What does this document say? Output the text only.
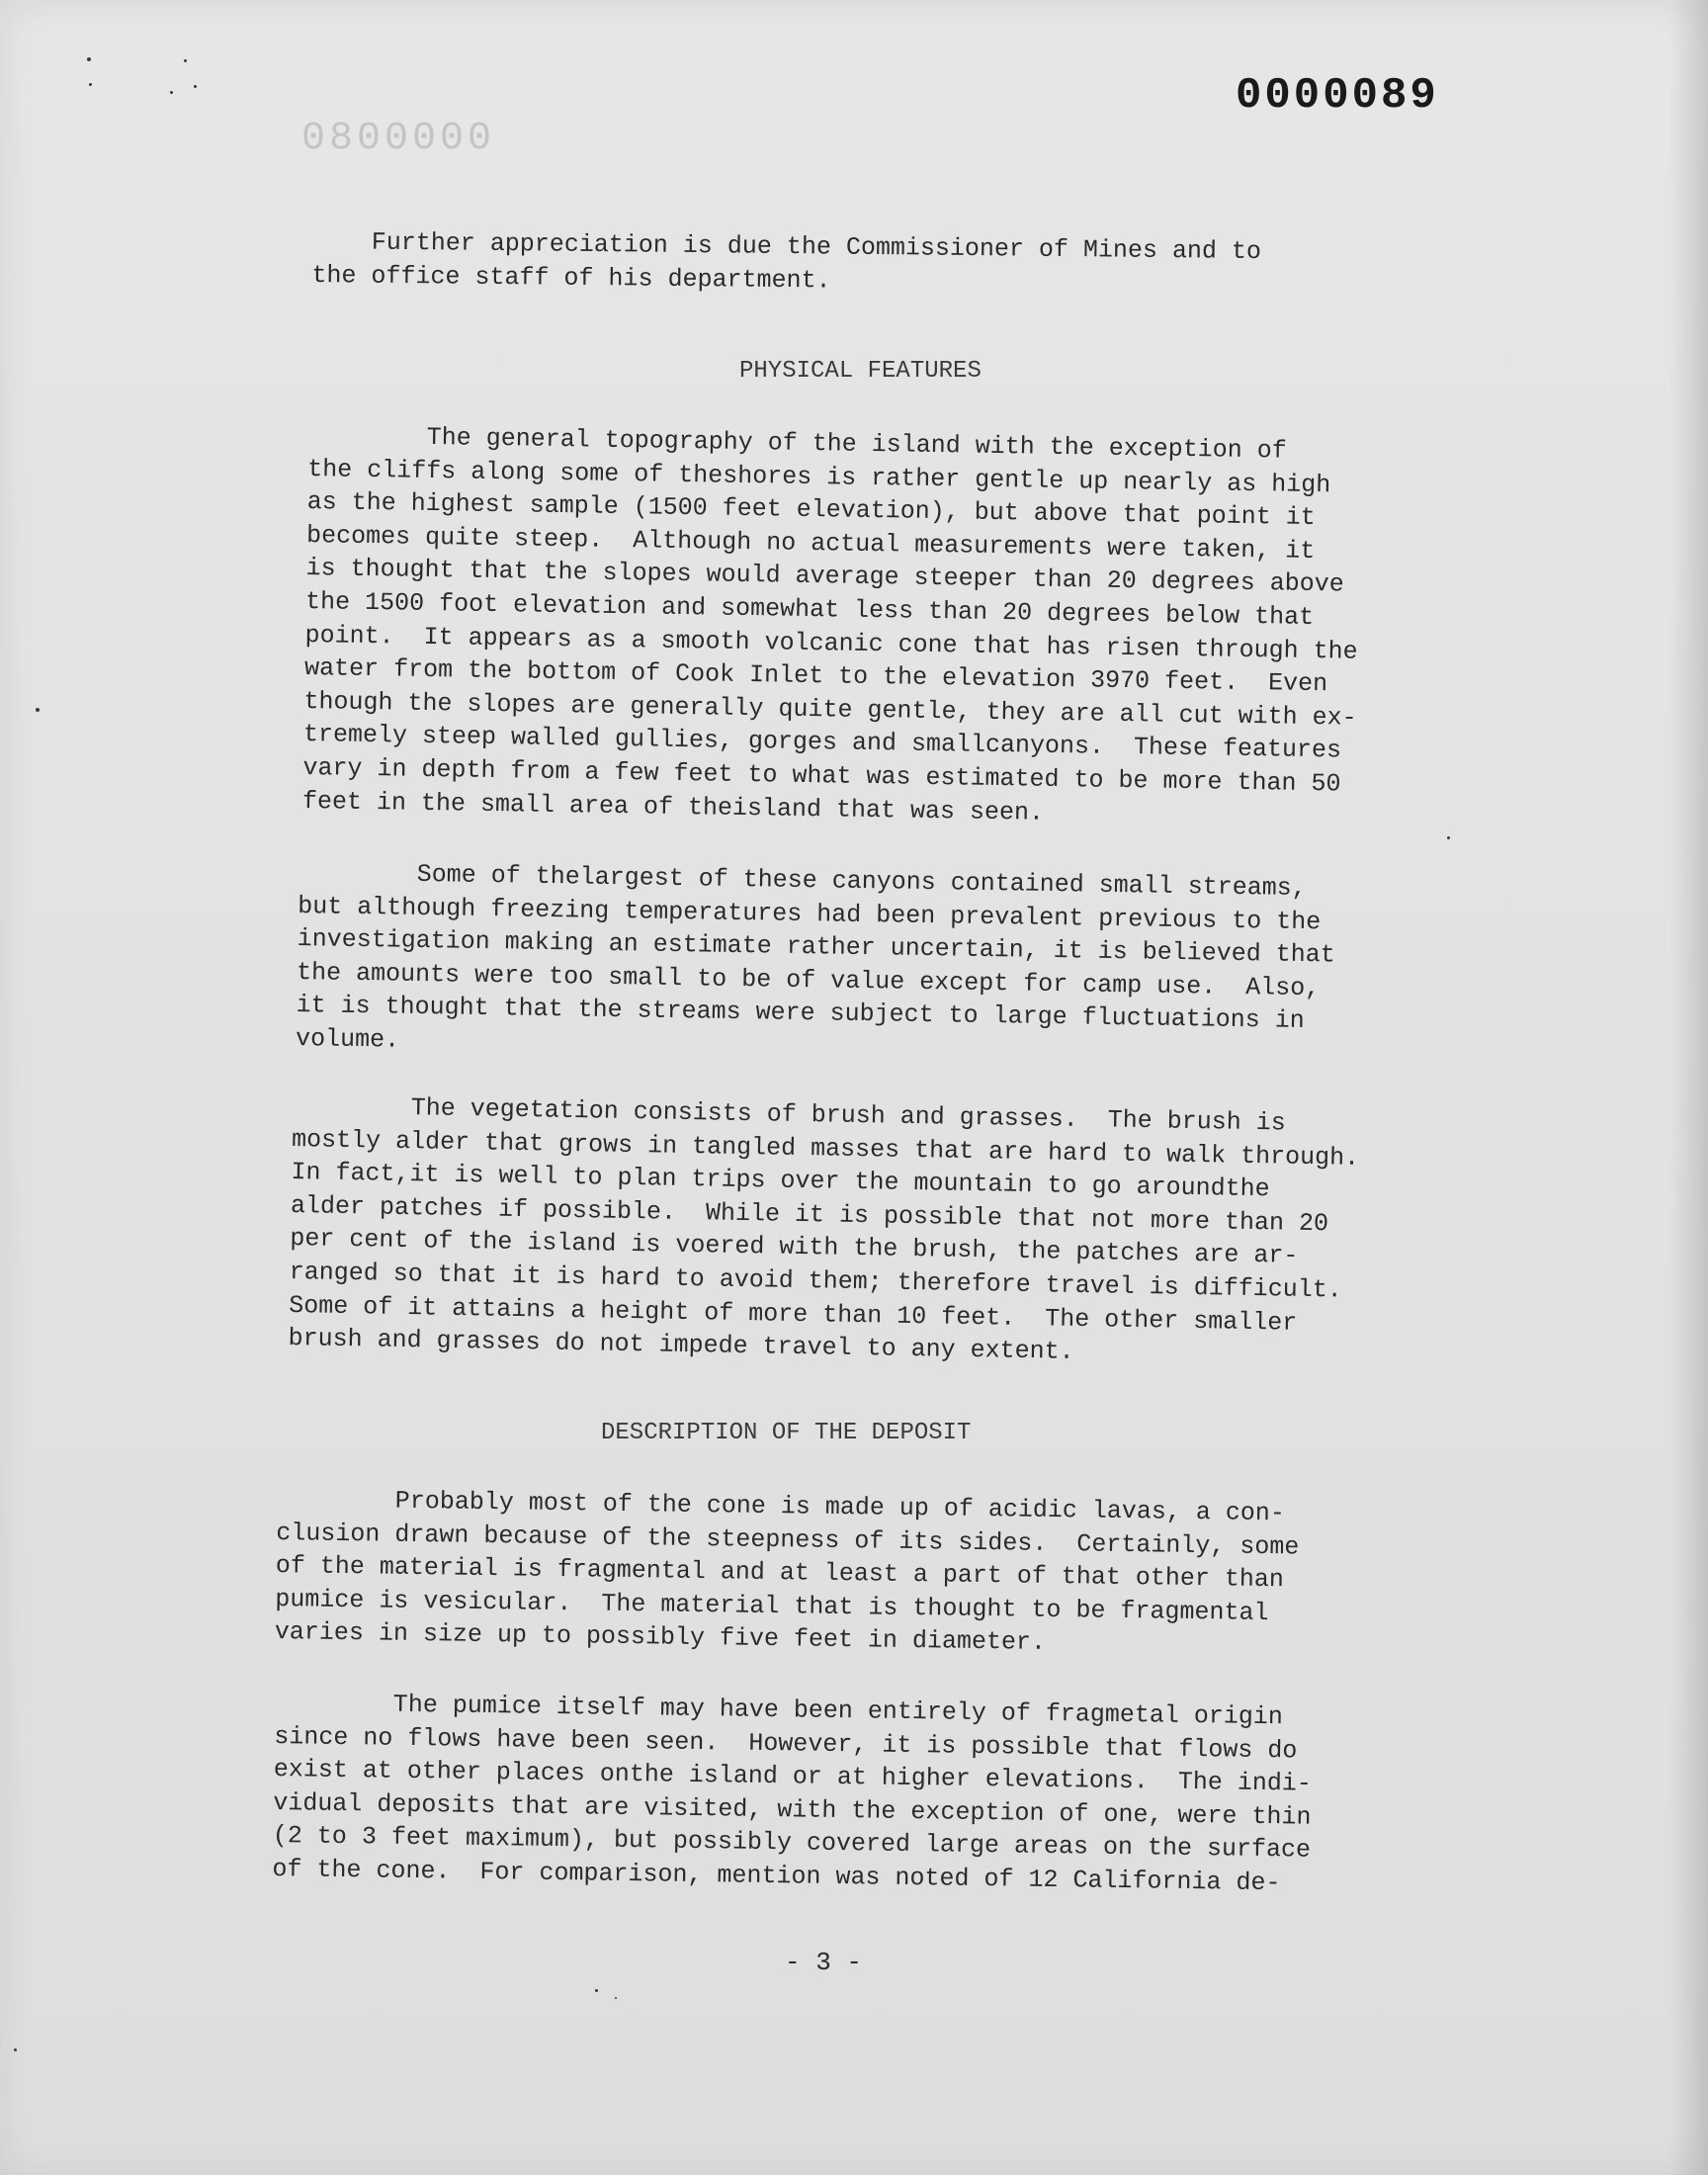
0000089
0800000
Further appreciation is due the Commissioner of Mines and to
the office staff of his department.
PHYSICAL FEATURES
The general topography of the island with the exception of
the cliffs along some of theshores is rather gentle up nearly as high
as the highest sample (1500 feet elevation), but above that point it
becomes quite steep.  Although no actual measurements were taken, it
is thought that the slopes would average steeper than 20 degrees above
the 1500 foot elevation and somewhat less than 20 degrees below that
point.  It appears as a smooth volcanic cone that has risen through the
water from the bottom of Cook Inlet to the elevation 3970 feet.  Even
though the slopes are generally quite gentle, they are all cut with ex-
tremely steep walled gullies, gorges and smallcanyons.  These features
vary in depth from a few feet to what was estimated to be more than 50
feet in the small area of theisland that was seen.
Some of thelargest of these canyons contained small streams,
but although freezing temperatures had been prevalent previous to the
investigation making an estimate rather uncertain, it is believed that
the amounts were too small to be of value except for camp use.  Also,
it is thought that the streams were subject to large fluctuations in
volume.
The vegetation consists of brush and grasses.  The brush is
mostly alder that grows in tangled masses that are hard to walk through.
In fact,it is well to plan trips over the mountain to go aroundthe
alder patches if possible.  While it is possible that not more than 20
per cent of the island is voered with the brush, the patches are ar-
ranged so that it is hard to avoid them; therefore travel is difficult.
Some of it attains a height of more than 10 feet.  The other smaller
brush and grasses do not impede travel to any extent.
DESCRIPTION OF THE DEPOSIT
Probably most of the cone is made up of acidic lavas, a con-
clusion drawn because of the steepness of its sides.  Certainly, some
of the material is fragmental and at least a part of that other than
pumice is vesicular.  The material that is thought to be fragmental
varies in size up to possibly five feet in diameter.
The pumice itself may have been entirely of fragmetal origin
since no flows have been seen.  However, it is possible that flows do
exist at other places onthe island or at higher elevations.  The indi-
vidual deposits that are visited, with the exception of one, were thin
(2 to 3 feet maximum), but possibly covered large areas on the surface
of the cone.  For comparison, mention was noted of 12 California de-
- 3 -
